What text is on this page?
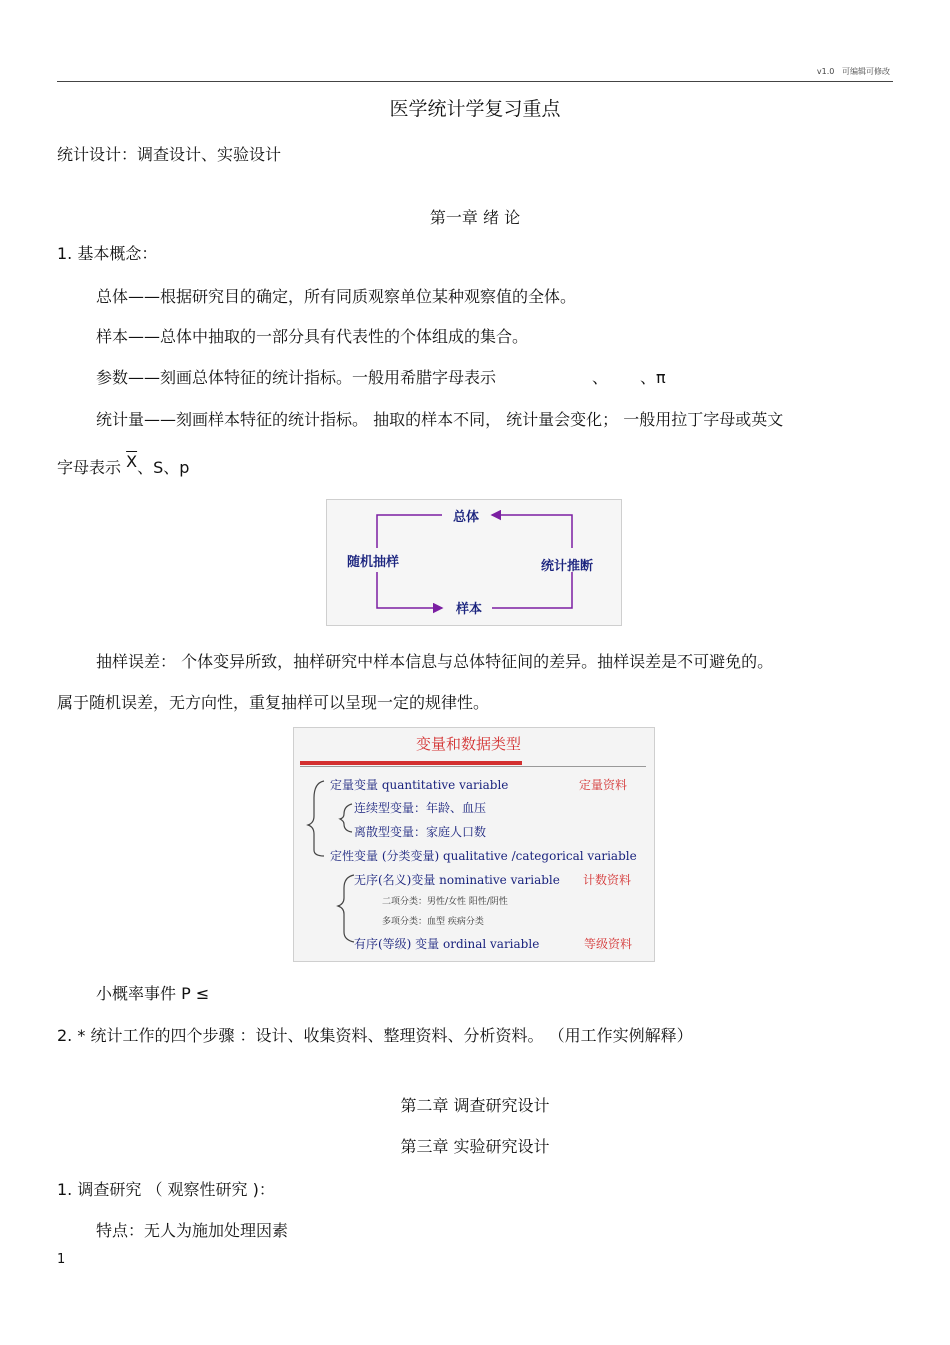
v1.0 可编辑可修改
医学统计学复习重点
统计设计：调查设计、实验设计
第一章 绪 论
1. 基本概念：
总体——根据研究目的确定，所有同质观察单位某种观察值的全体。
样本——总体中抽取的一部分具有代表性的个体组成的集合。
参数——刻画总体特征的统计指标。一般用希腊字母表示	、 、π
统计量——刻画样本特征的统计指标。 抽取的样本不同， 统计量会变化； 一般用拉丁字母或英文
字母表示 $\overline{X}$、S、p
总体
随机抽样	统计推断
样本
抽样误差： 个体变异所致，抽样研究中样本信息与总体特征间的差异。抽样误差是不可避免的。
属于随机误差，无方向性，重复抽样可以呈现一定的规律性。
变量和数据类型
定量变量 quantitative variable	定量资料
连续型变量：年龄、血压
离散型变量：家庭人口数
定性变量 (分类变量) qualitative /categorical variable
无序(名义)变量 nominative variable 计数资料
二项分类：男性/女性 阳性/阴性
多项分类：血型 疾病分类
有序(等级) 变量 ordinal variable	等级资料
小概率事件 P ≤
2. * 统计工作的四个步骤 ：设计、收集资料、整理资料、分析资料。 （用工作实例解释）
第二章 调查研究设计
第三章 实验研究设计
1. 调查研究 （ 观察性研究 )：
特点：无人为施加处理因素
1
